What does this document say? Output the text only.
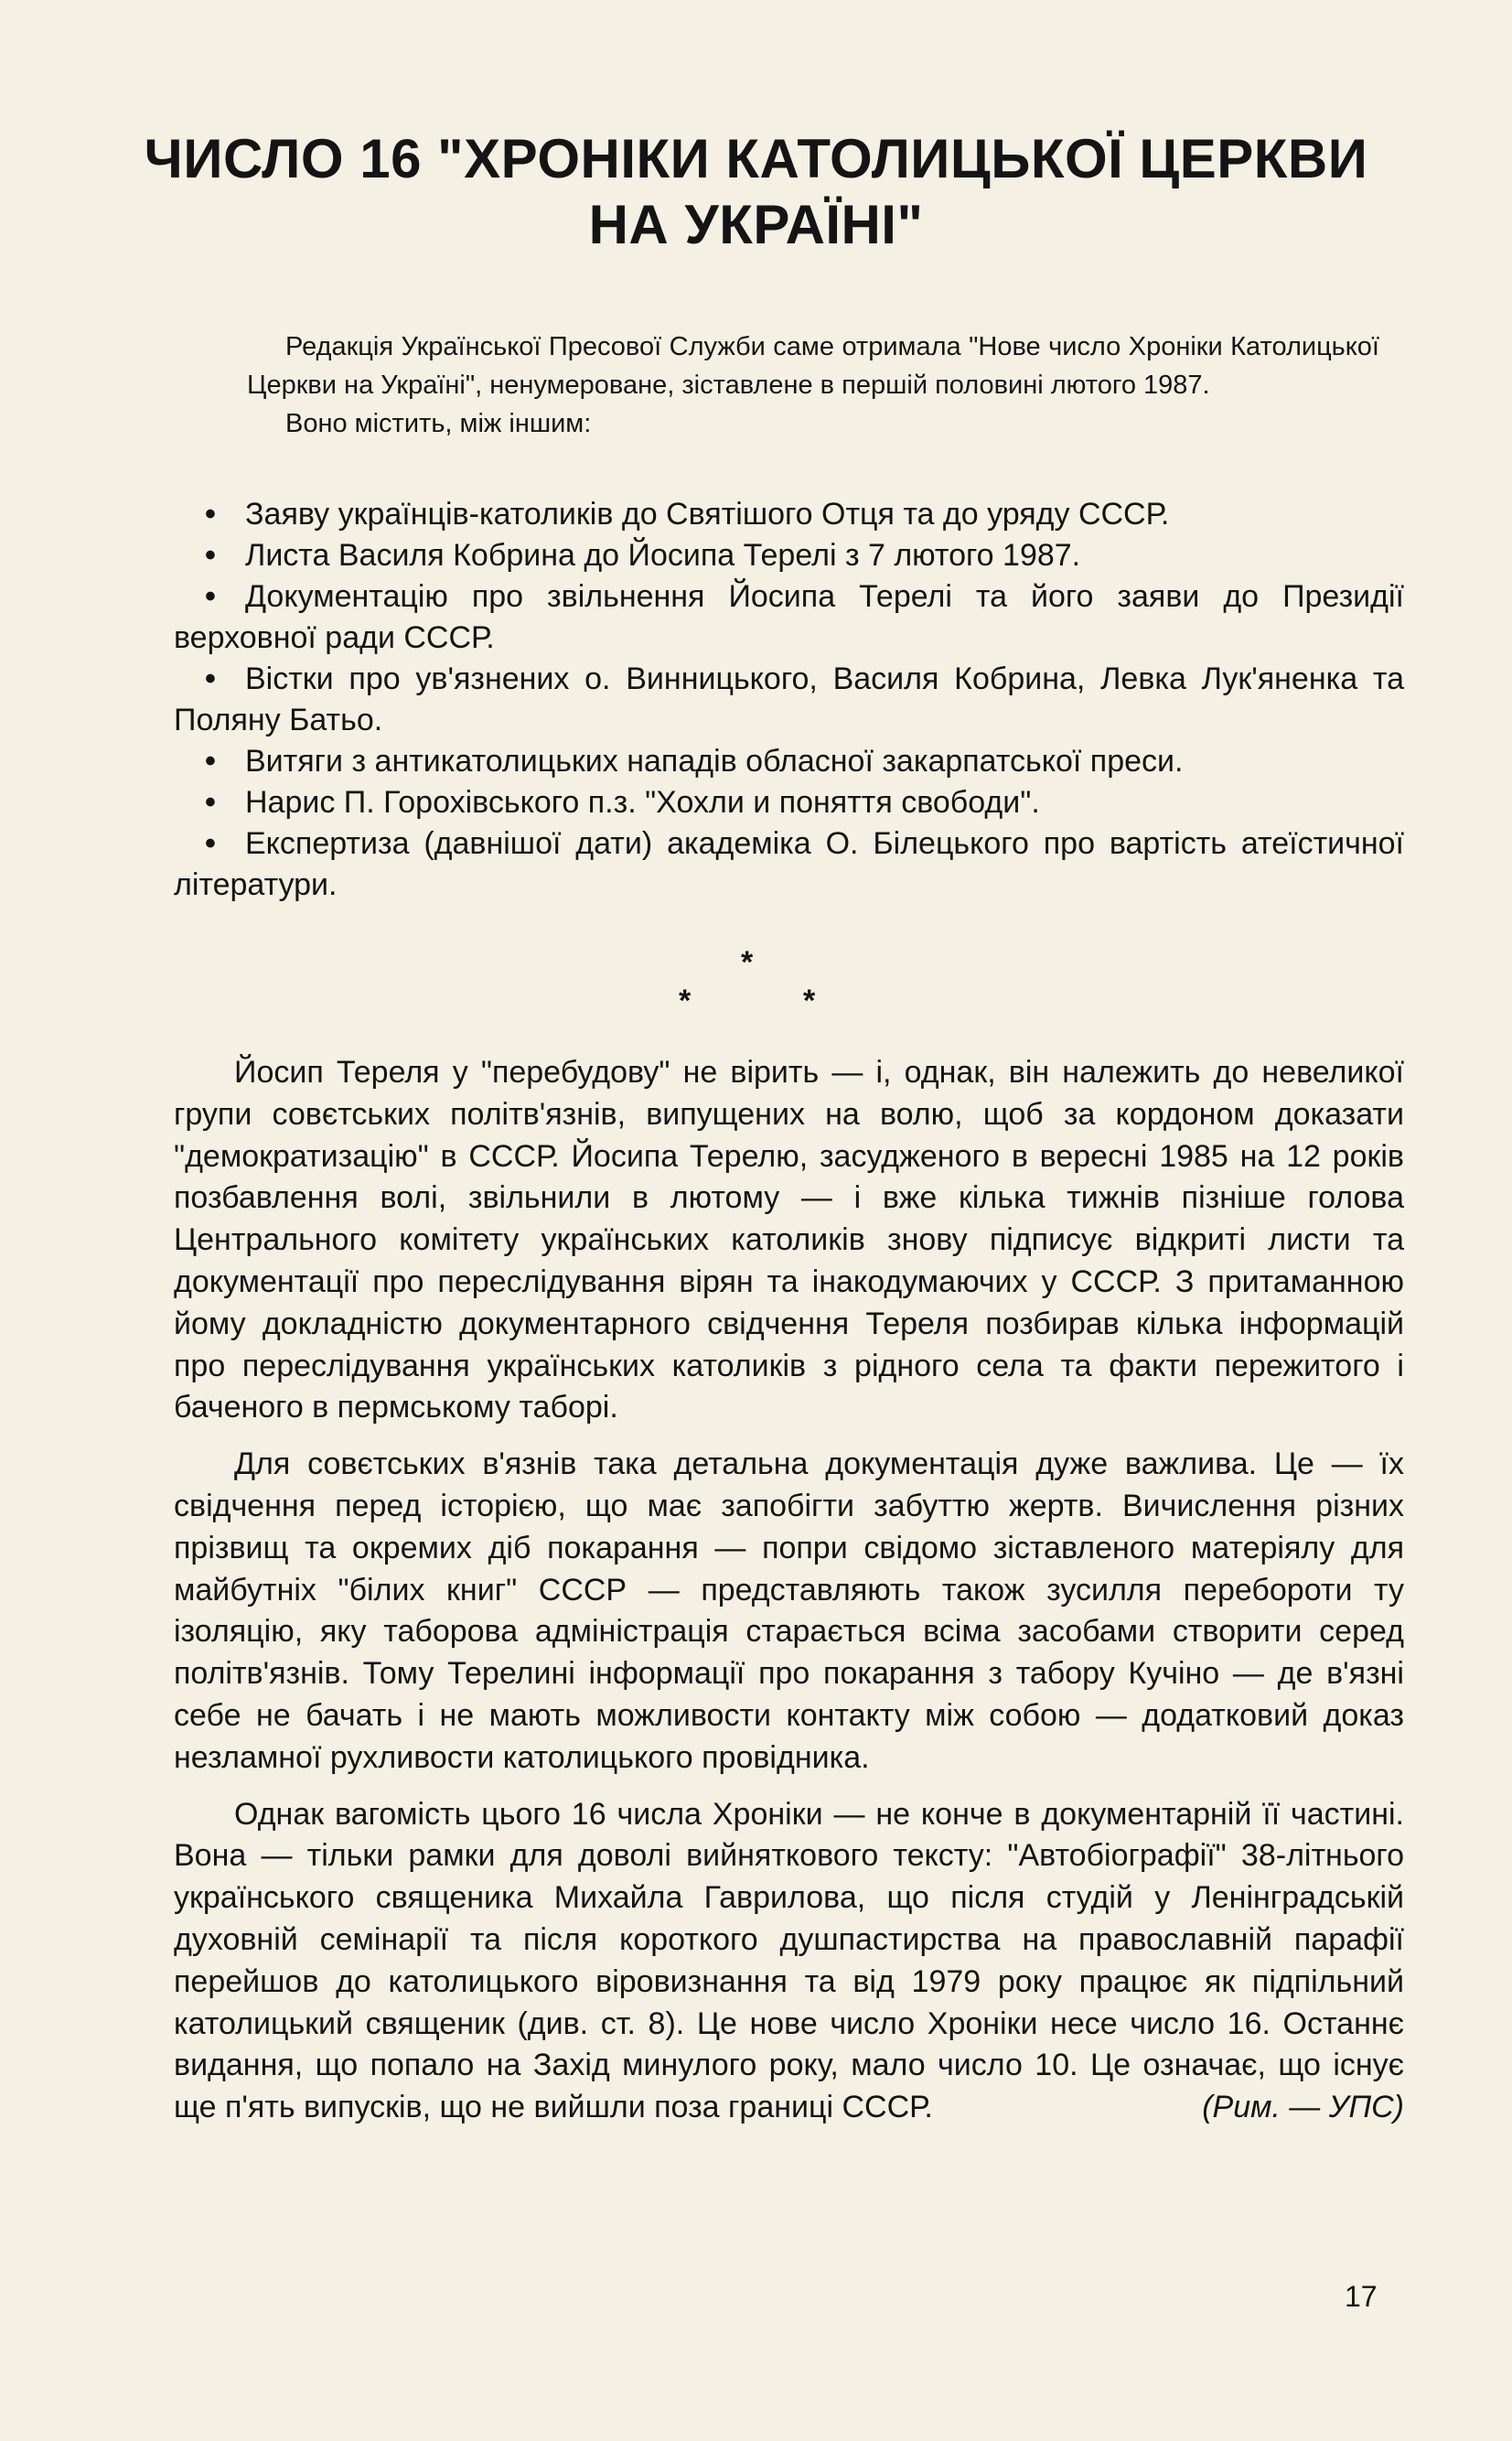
ЧИСЛО 16 "ХРОНІКИ КАТОЛИЦЬКОЇ ЦЕРКВИ
НА УКРАЇНІ"

Редакція Української Пресової Служби саме отримала "Нове число Хроніки Католицької Церкви на Україні", ненумероване, зіставлене в першій половині лютого 1987.

Воно містить, між іншим:

• Заяву українців-католиків до Святішого Отця та до уряду СССР.
• Листа Василя Кобрина до Йосипа Терелі з 7 лютого 1987.
• Документацію про звільнення Йосипа Терелі та його заяви до Президії верховної ради СССР.
• Вістки про ув'язнених о. Винницького, Василя Кобрина, Левка Лук'яненка та Поляну Батьо.
• Витяги з антикатолицьких нападів обласної закарпатської преси.
• Нарис П. Горохівського п.з. "Хохли и поняття свободи".
• Експертиза (давнішої дати) академіка О. Білецького про вартість атеїстичної літератури.
*
*	*

Йосип Тереля у "перебудову" не вірить — і, однак, він належить до невеликої групи совєтських політв'язнів, випущених на волю, щоб за кордоном доказати "демократизацію" в СССР. Йосипа Терелю, засудженого в вересні 1985 на 12 років позбавлення волі, звільнили в лютому — і вже кілька тижнів пізніше голова Центрального комітету українських католиків знову підписує відкриті листи та документації про переслідування вірян та інакодумаючих у СССР. З притаманною йому докладністю документарного свідчення Тереля позбирав кілька інформацій про переслідування українських католиків з рідного села та факти пережитого і баченого в пермському таборі.

Для совєтських в'язнів така детальна документація дуже важлива. Це — їх свідчення перед історією, що має запобігти забуттю жертв. Вичислення різних прізвищ та окремих діб покарання — попри свідомо зіставленого матеріялу для майбутніх "білих книг" СССР — представляють також зусилля перебороти ту ізоляцію, яку таборова адміністрація старається всіма засобами створити серед політв'язнів. Тому Терелині інформації про покарання з табору Кучіно — де в'язні себе не бачать і не мають можливости контакту між собою — додатковий доказ незламної рухливости католицького провідника.

Однак вагомість цього 16 числа Хроніки — не конче в документарній її частині. Вона — тільки рамки для доволі вийняткового тексту: "Автобіографії" 38-літнього українського священика Михайла Гаврилова, що після студій у Ленінградській духовній семінарії та після короткого душпастирства на православній парафії перейшов до католицького віровизнання та від 1979 року працює як підпільний католицький священик (див. ст. 8). Це нове число Хроніки несе число 16. Останнє видання, що попало на Захід минулого року, мало число 10. Це означає, що існує ще п'ять випусків, що не вийшли поза границі СССР.	(Рим. — УПС)

17
